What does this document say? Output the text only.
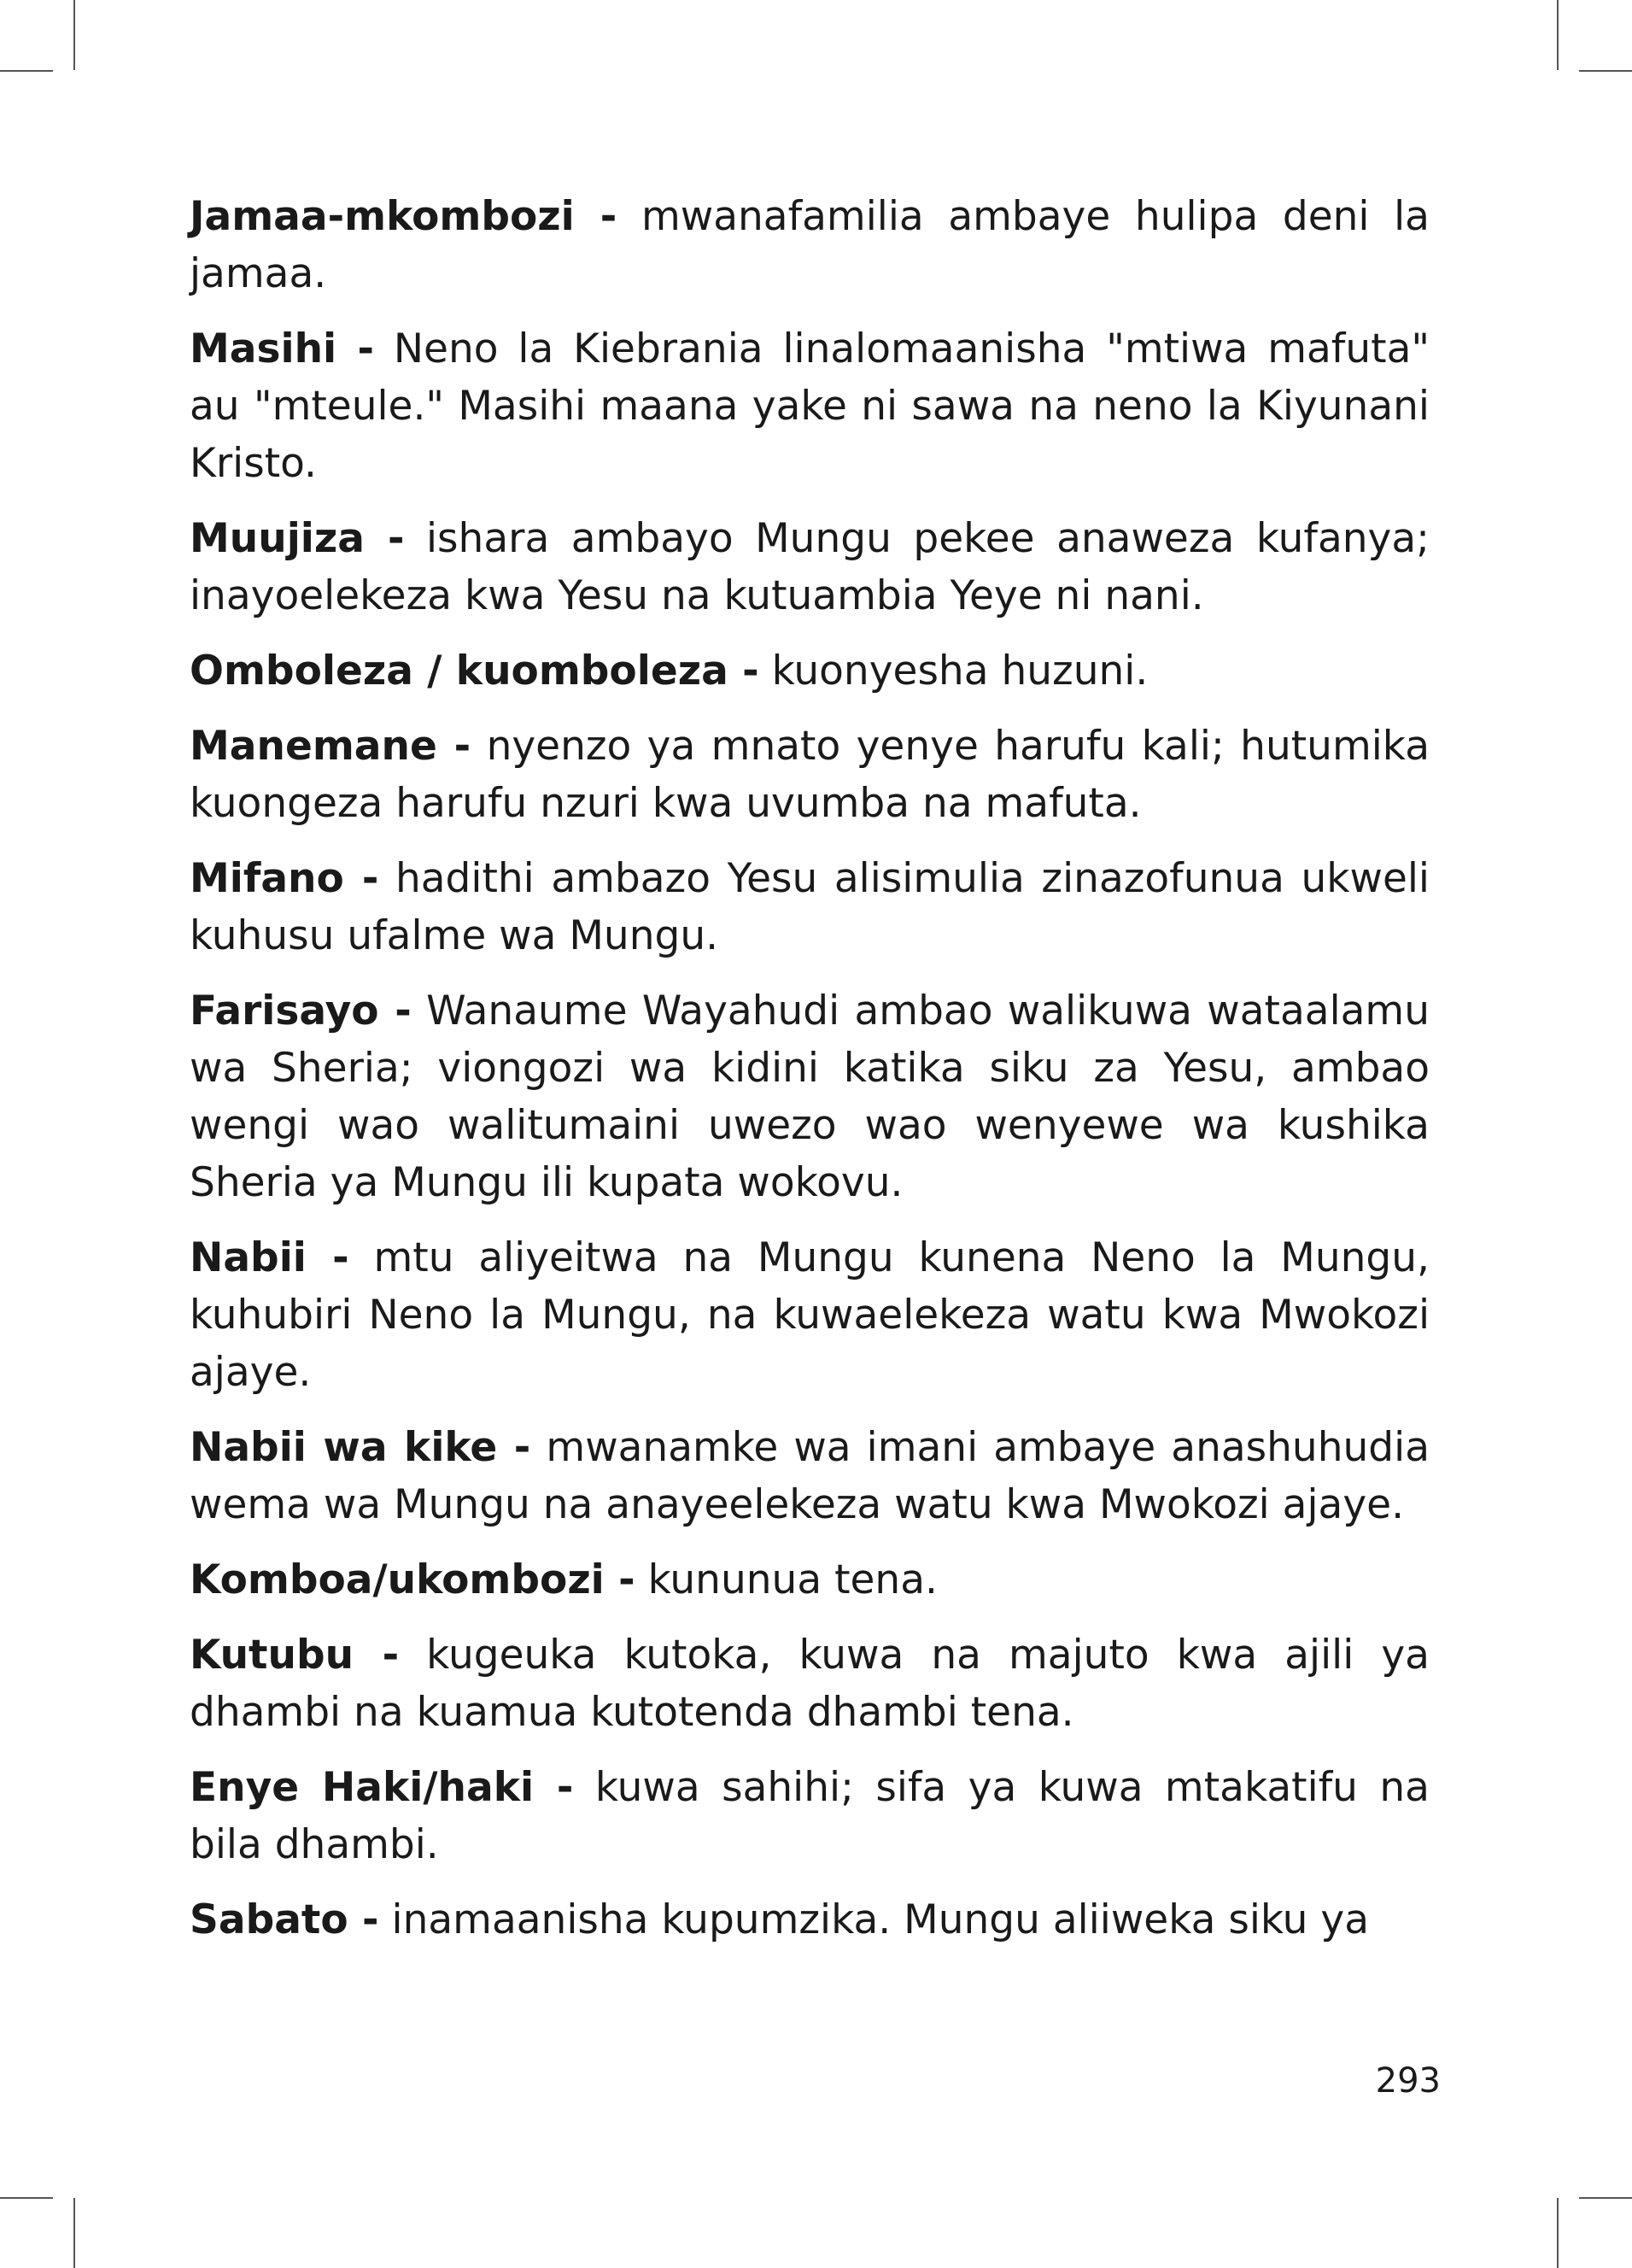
Jamaa-mkombozi - mwanafamilia ambaye hulipa deni la jamaa.

Masihi - Neno la Kiebrania linalomaanisha "mtiwa mafuta" au "mteule." Masihi maana yake ni sawa na neno la Kiyunani Kristo.

Muujiza - ishara ambayo Mungu pekee anaweza kufanya; inayoelekeza kwa Yesu na kutuambia Yeye ni nani.

Omboleza / kuomboleza - kuonyesha huzuni.

Manemane - nyenzo ya mnato yenye harufu kali; hutumika kuongeza harufu nzuri kwa uvumba na mafuta.

Mifano - hadithi ambazo Yesu alisimulia zinazofunua ukweli kuhusu ufalme wa Mungu.

Farisayo - Wanaume Wayahudi ambao walikuwa wataalamu wa Sheria; viongozi wa kidini katika siku za Yesu, ambao wengi wao walitumaini uwezo wao wenyewe wa kushika Sheria ya Mungu ili kupata wokovu.

Nabii - mtu aliyeitwa na Mungu kunena Neno la Mungu, kuhubiri Neno la Mungu, na kuwaelekeza watu kwa Mwokozi ajaye.

Nabii wa kike - mwanamke wa imani ambaye anashuhudia wema wa Mungu na anayeelekeza watu kwa Mwokozi ajaye.

Komboa/ukombozi - kununua tena.

Kutubu - kugeuka kutoka, kuwa na majuto kwa ajili ya dhambi na kuamua kutotenda dhambi tena.

Enye Haki/haki - kuwa sahihi; sifa ya kuwa mtakatifu na bila dhambi.

Sabato - inamaanisha kupumzika. Mungu aliiweka siku ya

293
